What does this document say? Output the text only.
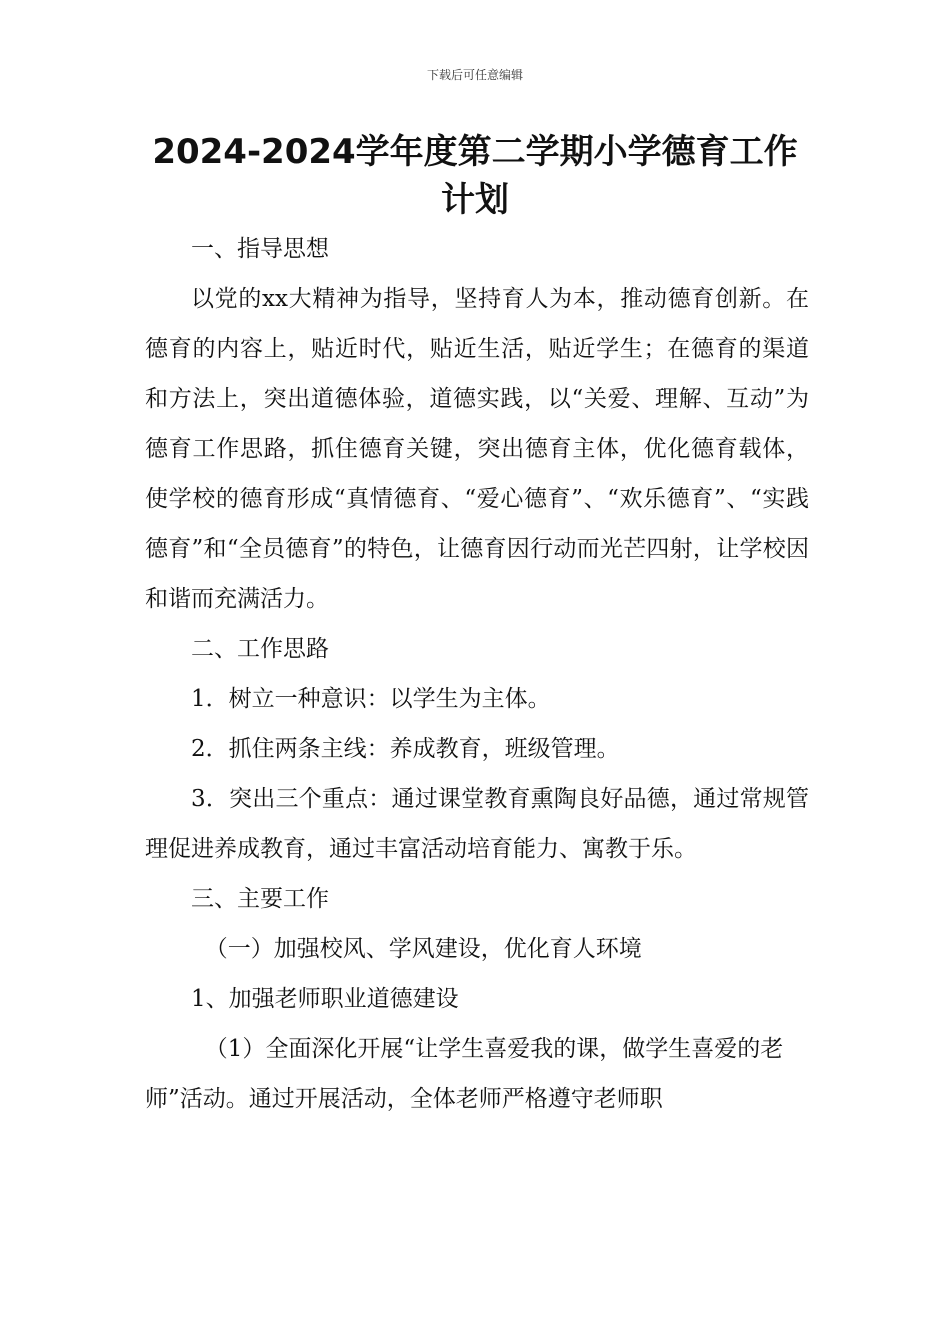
下载后可任意编辑
2024-2024学年度第二学期小学德育工作计划

一、指导思想

以党的xx大精神为指导，坚持育人为本，推动德育创新。在德育的内容上，贴近时代，贴近生活，贴近学生；在德育的渠道和方法上，突出道德体验，道德实践，以“关爱、理解、互动”为德育工作思路，抓住德育关键，突出德育主体，优化德育载体，使学校的德育形成“真情德育、“爱心德育”、“欢乐德育”、“实践德育”和“全员德育”的特色，让德育因行动而光芒四射，让学校因和谐而充满活力。

二、工作思路

1．树立一种意识：以学生为主体。

2．抓住两条主线：养成教育，班级管理。

3．突出三个重点：通过课堂教育熏陶良好品德，通过常规管理促进养成教育，通过丰富活动培育能力、寓教于乐。

三、主要工作

（一）加强校风、学风建设，优化育人环境

1、加强老师职业道德建设

（1）全面深化开展“让学生喜爱我的课，做学生喜爱的老师”活动。通过开展活动，全体老师严格遵守老师职
